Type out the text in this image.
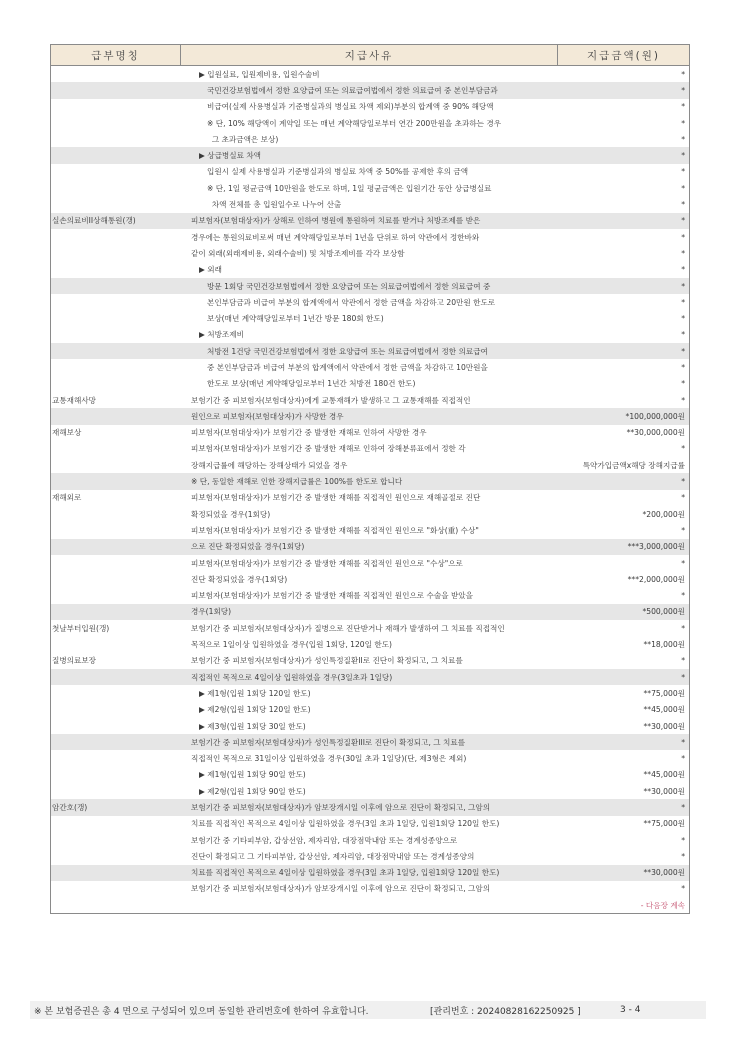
급부명칭	지급사유	지급금액(원)
▶ 입원실료, 입원제비용, 입원수술비	*
국민건강보험법에서 정한 요양급여 또는 의료급여법에서 정한 의료급여 중 본인부담금과	*
비급여(실제 사용병실과 기준병실과의 병실료 차액 제외)부분의 합계액 중 90% 해당액	*
※ 단, 10% 해당액이 계약일 또는 매년 계약해당일로부터 연간 200만원을 초과하는 경우	*
그 초과금액은 보상)	*
▶ 상급병실료 차액	*
입원시 실제 사용병실과 기준병실과의 병실료 차액 중 50%를 공제한 후의 금액	*
※ 단, 1일 평균금액 10만원을 한도로 하며, 1일 평균금액은 입원기간 동안 상급병실료	*
차액 전체를 총 입원일수로 나누어 산출	*
실손의료비II상해통원(갱)	피보험자(보험대상자)가 상해로 인하여 병원에 통원하여 치료를 받거나 처방조제를 받은	*
경우에는 통원의료비로써 매년 계약해당일로부터 1년을 단위로 하여 약관에서 정한바와	*
같이 외래(외래제비용, 외래수술비) 및 처방조제비를 각각 보상함	*
▶ 외래	*
방문 1회당 국민건강보험법에서 정한 요양급여 또는 의료급여법에서 정한 의료급여 중	*
본인부담금과 비급여 부분의 합계액에서 약관에서 정한 금액을 차감하고 20만원 한도로	*
보상(매년 계약해당일로부터 1년간 방문 180회 한도)	*
▶ 처방조제비	*
처방전 1건당 국민건강보험법에서 정한 요양급여 또는 의료급여법에서 정한 의료급여	*
중 본인부담금과 비급여 부분의 합계액에서 약관에서 정한 금액을 차감하고 10만원을	*
한도로 보상(매년 계약해당일로부터 1년간 처방전 180건 한도)	*
교통재해사망	보험기간 중 피보험자(보험대상자)에게 교통재해가 발생하고 그 교통재해를 직접적인	*
원인으로 피보험자(보험대상자)가 사망한 경우	*100,000,000원
재해보상	피보험자(보험대상자)가 보험기간 중 발생한 재해로 인하여 사망한 경우	**30,000,000원
피보험자(보험대상자)가 보험기간 중 발생한 재해로 인하여 장해분류표에서 정한 각	*
장해지급률에 해당하는 장해상태가 되었을 경우	특약가입금액x해당 장해지급률
※ 단, 동일한 재해로 인한 장해지급률은 100%를 한도로 합니다	*
재해외로	피보험자(보험대상자)가 보험기간 중 발생한 재해를 직접적인 원인으로 재해골절로 진단	*
확정되었을 경우(1회당)	*200,000원
피보험자(보험대상자)가 보험기간 중 발생한 재해를 직접적인 원인으로 "화상(重) 수상"	*
으로 진단 확정되었을 경우(1회당)	***3,000,000원
피보험자(보험대상자)가 보험기간 중 발생한 재해를 직접적인 원인으로 "수상"으로	*
진단 확정되었을 경우(1회당)	***2,000,000원
피보험자(보험대상자)가 보험기간 중 발생한 재해를 직접적인 원인으로 수술을 받았을	*
경우(1회당)	*500,000원
첫날부터입원(갱)	보험기간 중 피보험자(보험대상자)가 질병으로 진단받거나 재해가 발생하여 그 치료를 직접적인	*
목적으로 1일이상 입원하였을 경우(입원 1회당, 120일 한도)	**18,000원
질병의료보장	보험기간 중 피보험자(보험대상자)가 성인특정질환II로 진단이 확정되고, 그 치료를	*
직접적인 목적으로 4일이상 입원하였을 경우(3일초과 1일당)	*
▶ 제1형(입원 1회당 120일 한도)	**75,000원
▶ 제2형(입원 1회당 120일 한도)	**45,000원
▶ 제3형(입원 1회당 30일 한도)	**30,000원
보험기간 중 피보험자(보험대상자)가 성인특정질환III로 진단이 확정되고, 그 치료를	*
직접적인 목적으로 31일이상 입원하였을 경우(30일 초과 1일당)(단, 제3형은 제외)	*
▶ 제1형(입원 1회당 90일 한도)	**45,000원
▶ 제2형(입원 1회당 90일 한도)	**30,000원
암간호(갱)	보험기간 중 피보험자(보험대상자)가 암보장개시일 이후에 암으로 진단이 확정되고, 그암의	*
치료를 직접적인 목적으로 4일이상 입원하였을 경우(3일 초과 1일당, 입원1회당 120일 한도)	**75,000원
보험기간 중 기타피부암, 갑상선암, 제자리암, 대장점막내암 또는 경계성종양으로	*
진단이 확정되고 그 기타피부암, 갑상선암, 제자리암, 대장점막내암 또는 경계성종양의	*
치료를 직접적인 목적으로 4일이상 입원하였을 경우(3일 초과 1일당, 입원1회당 120일 한도)	**30,000원
보험기간 중 피보험자(보험대상자)가 암보장개시일 이후에 암으로 진단이 확정되고, 그암의	*
- 다음장 계속
※ 본 보험증권은 총 4 면으로 구성되어 있으며 동일한 관리번호에 한하여 유효합니다.	[관리번호 : 20240828162250925 ]	3 - 4
